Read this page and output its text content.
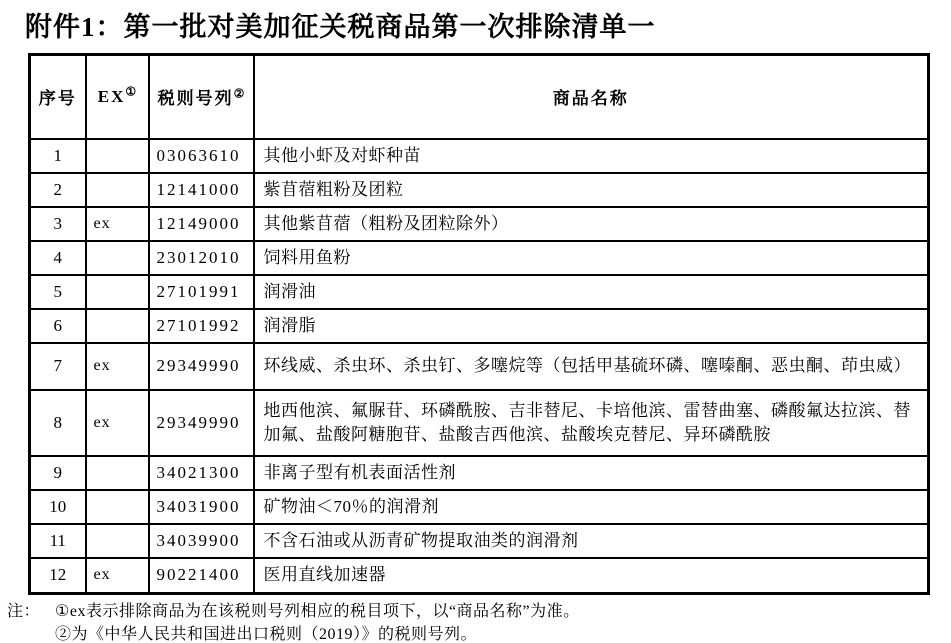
附件1：第一批对美加征关税商品第一次排除清单一
序号	EX①	税则号列②	商品名称
1		03063610	其他小虾及对虾种苗
2		12141000	紫苜蓿粗粉及团粒
3	ex	12149000	其他紫苜蓿（粗粉及团粒除外）
4		23012010	饲料用鱼粉
5		27101991	润滑油
6		27101992	润滑脂
7	ex	29349990	环线威、杀虫环、杀虫钉、多噻烷等（包括甲基硫环磷、噻嗪酮、恶虫酮、茚虫威）
8	ex	29349990	地西他滨、氟脲苷、环磷酰胺、吉非替尼、卡培他滨、雷替曲塞、磷酸氟达拉滨、替加氟、盐酸阿糖胞苷、盐酸吉西他滨、盐酸埃克替尼、异环磷酰胺
9		34021300	非离子型有机表面活性剂
10		34031900	矿物油＜70％的润滑剂
11		34039900	不含石油或从沥青矿物提取油类的润滑剂
12	ex	90221400	医用直线加速器
注： ①ex表示排除商品为在该税则号列相应的税目项下，以“商品名称”为准。
②为《中华人民共和国进出口税则（2019）》的税则号列。
